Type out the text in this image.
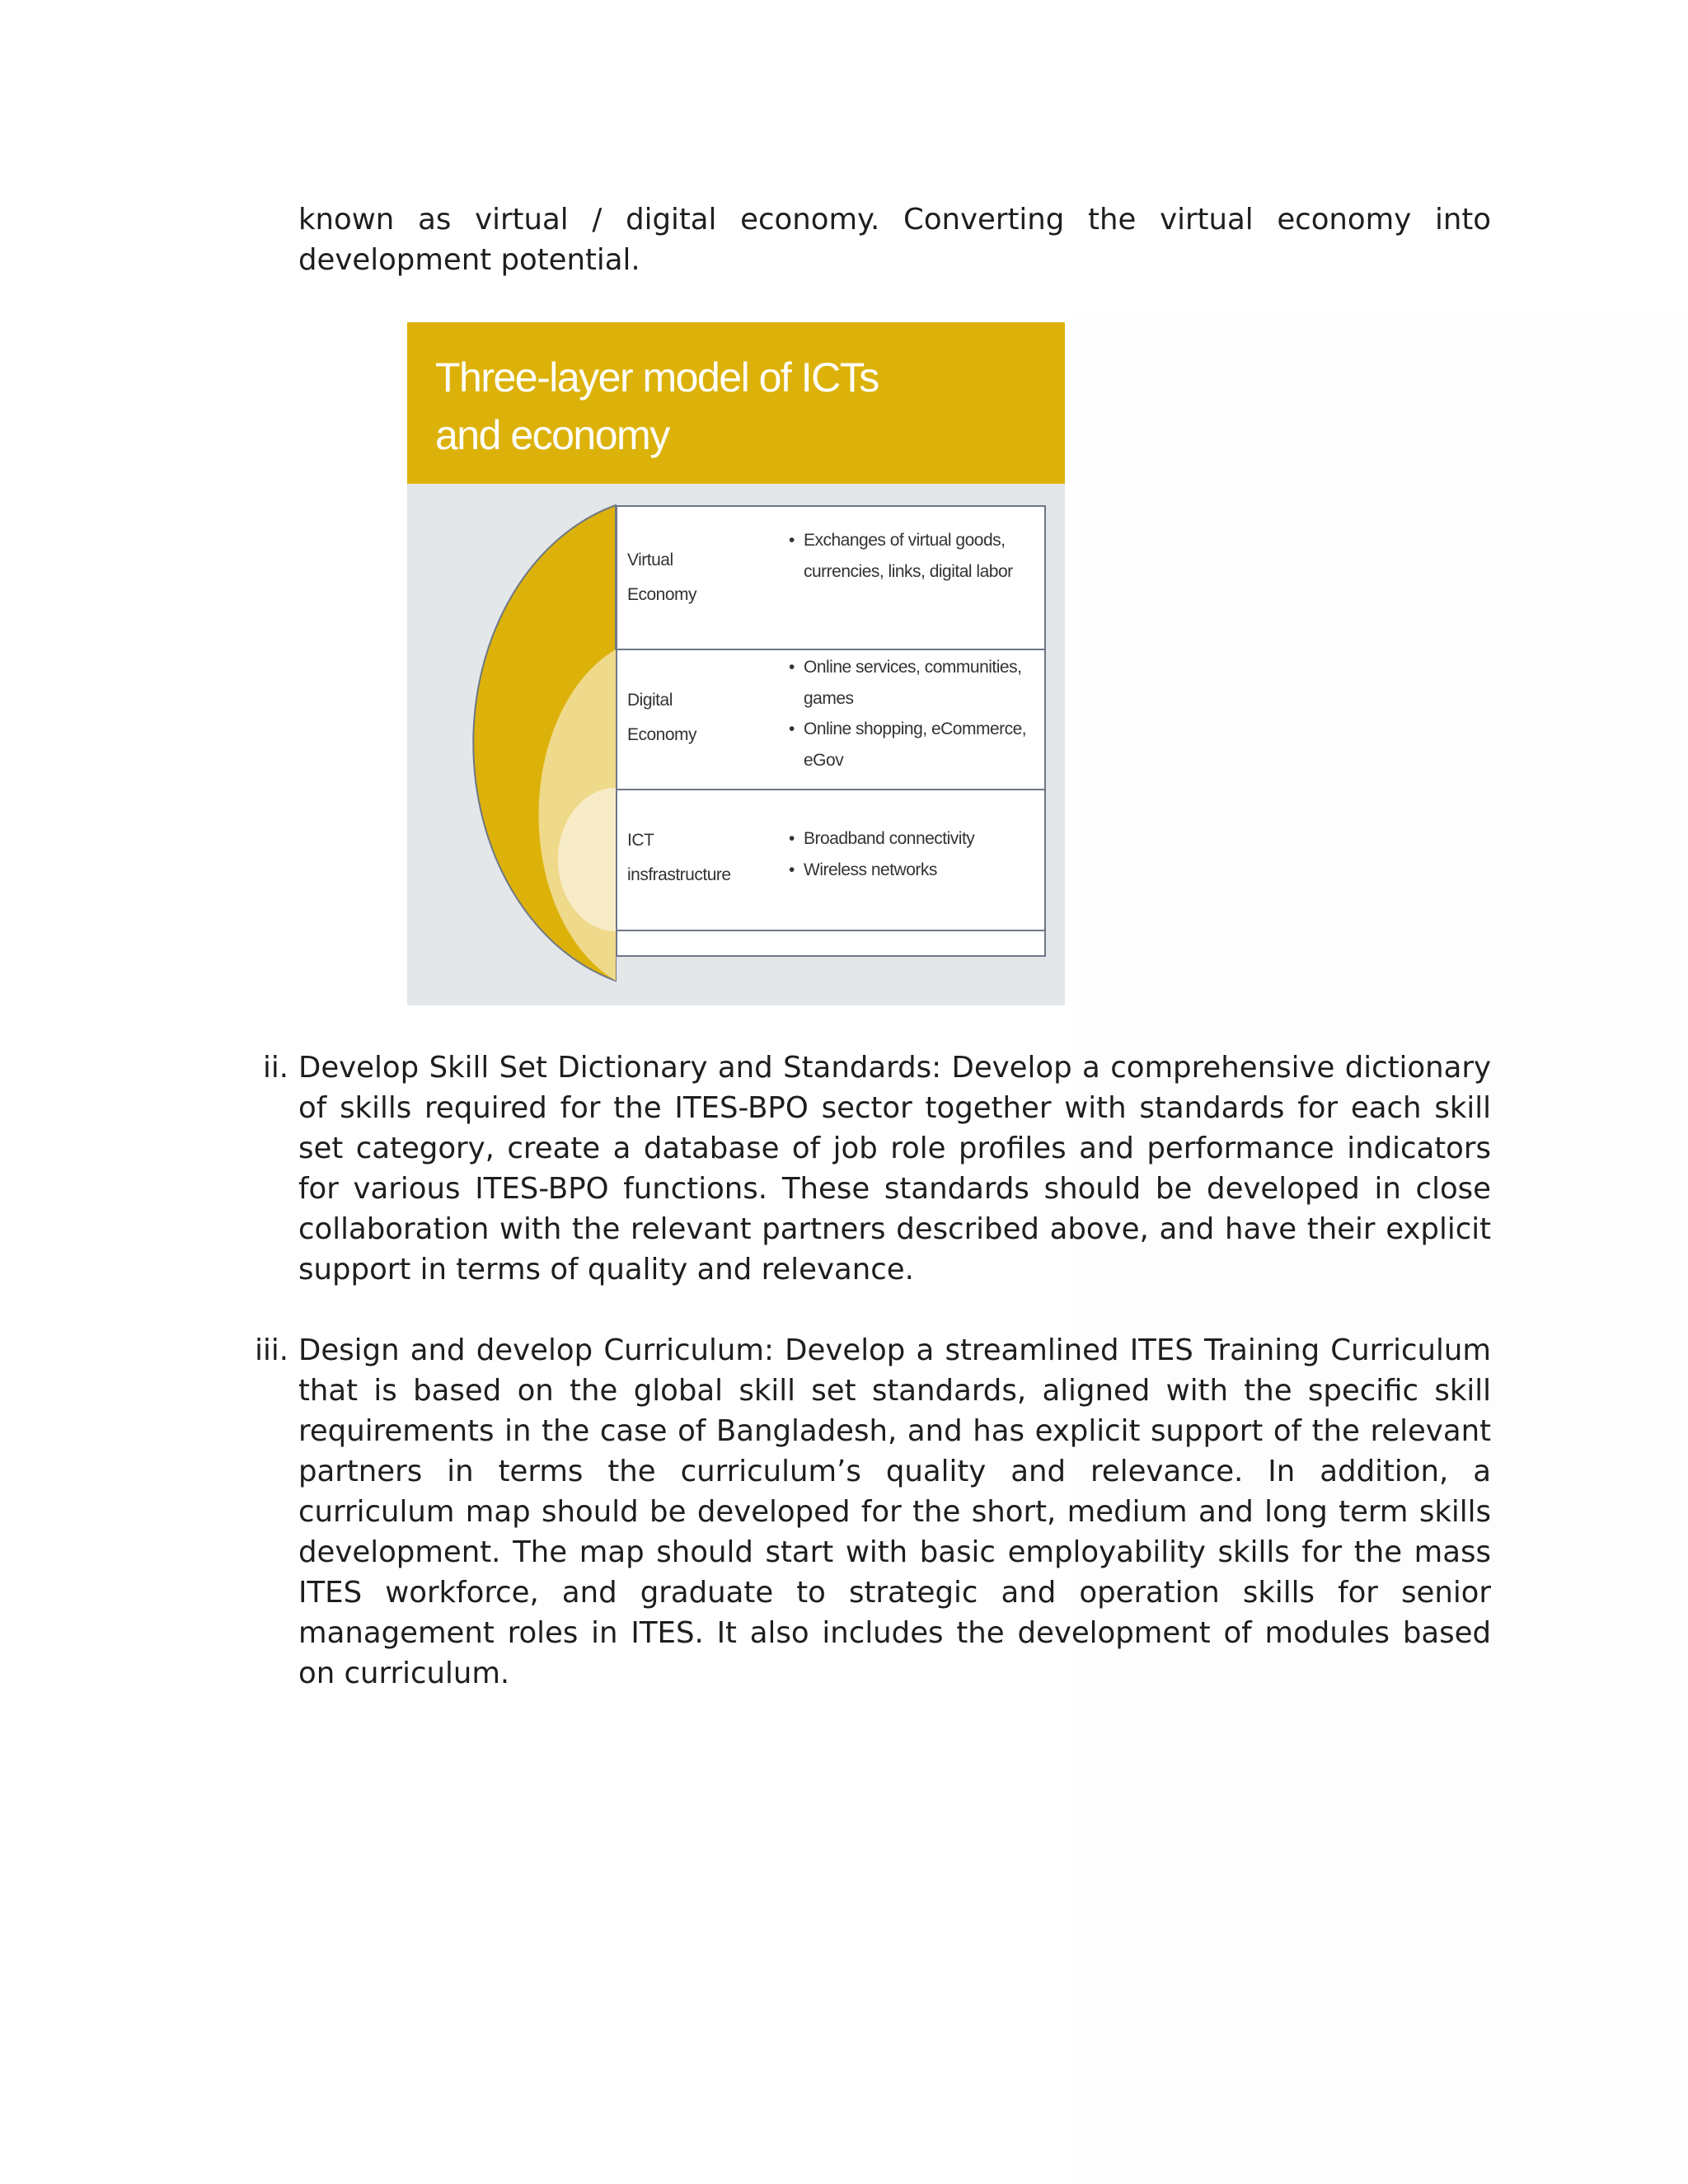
known as virtual / digital economy. Converting the virtual economy into development potential.

Three-layer model of ICTs
and economy
Virtual
Economy
• Exchanges of virtual goods, currencies, links, digital labor
Digital
Economy
• Online services, communities, games
• Online shopping, eCommerce, eGov
ICT
insfrastructure
• Broadband connectivity
• Wireless networks
ii. Develop Skill Set Dictionary and Standards: Develop a comprehensive dictionary of skills required for the ITES-BPO sector together with standards for each skill set category, create a database of job role profiles and performance indicators for various ITES-BPO functions. These standards should be developed in close collaboration with the relevant partners described above, and have their explicit support in terms of quality and relevance.

iii. Design and develop Curriculum: Develop a streamlined ITES Training Curriculum that is based on the global skill set standards, aligned with the specific skill requirements in the case of Bangladesh, and has explicit support of the relevant partners in terms the curriculum’s quality and relevance. In addition, a curriculum map should be developed for the short, medium and long term skills development. The map should start with basic employability skills for the mass ITES workforce, and graduate to strategic and operation skills for senior management roles in ITES. It also includes the development of modules based on curriculum.
